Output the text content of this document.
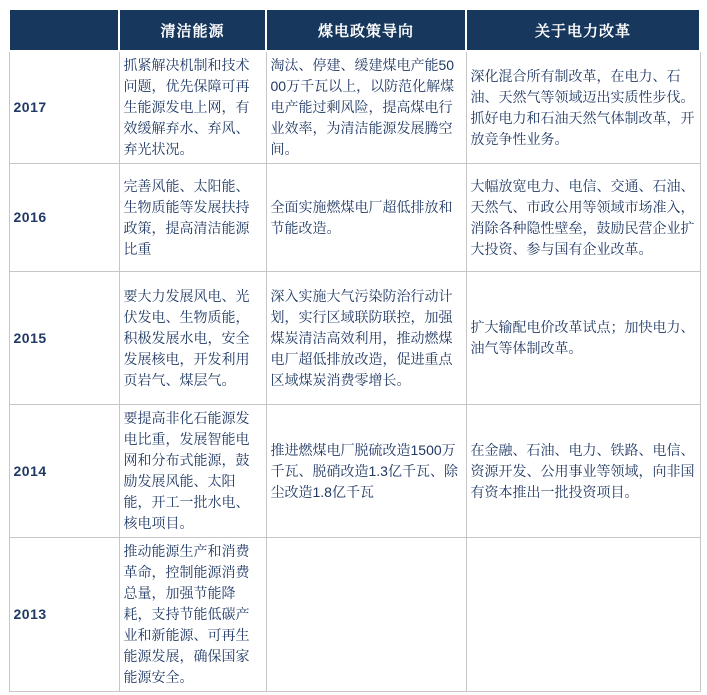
	清洁能源	煤电政策导向	关于电力改革
2017	抓紧解决机制和技术问题，优先保障可再生能源发电上网，有效缓解弃水、弃风、弃光状况。	淘汰、停建、缓建煤电产能5000万千瓦以上，以防范化解煤电产能过剩风险，提高煤电行业效率，为清洁能源发展腾空间。	深化混合所有制改革，在电力、石油、天然气等领域迈出实质性步伐。抓好电力和石油天然气体制改革，开放竞争性业务。
2016	完善风能、太阳能、生物质能等发展扶持政策，提高清洁能源比重	全面实施燃煤电厂超低排放和节能改造。	大幅放宽电力、电信、交通、石油、天然气、市政公用等领域市场准入，消除各种隐性壁垒，鼓励民营企业扩大投资、参与国有企业改革。
2015	要大力发展风电、光伏发电、生物质能，积极发展水电，安全发展核电，开发利用页岩气、煤层气。	深入实施大气污染防治行动计划，实行区域联防联控，加强煤炭清洁高效利用，推动燃煤电厂超低排放改造，促进重点区域煤炭消费零增长。	扩大输配电价改革试点；加快电力、油气等体制改革。
2014	要提高非化石能源发电比重，发展智能电网和分布式能源，鼓励发展风能、太阳能，开工一批水电、核电项目。	推进燃煤电厂脱硫改造1500万千瓦、脱硝改造1.3亿千瓦、除尘改造1.8亿千瓦	在金融、石油、电力、铁路、电信、资源开发、公用事业等领域，向非国有资本推出一批投资项目。
2013	推动能源生产和消费革命，控制能源消费总量，加强节能降耗，支持节能低碳产业和新能源、可再生能源发展，确保国家能源安全。		
